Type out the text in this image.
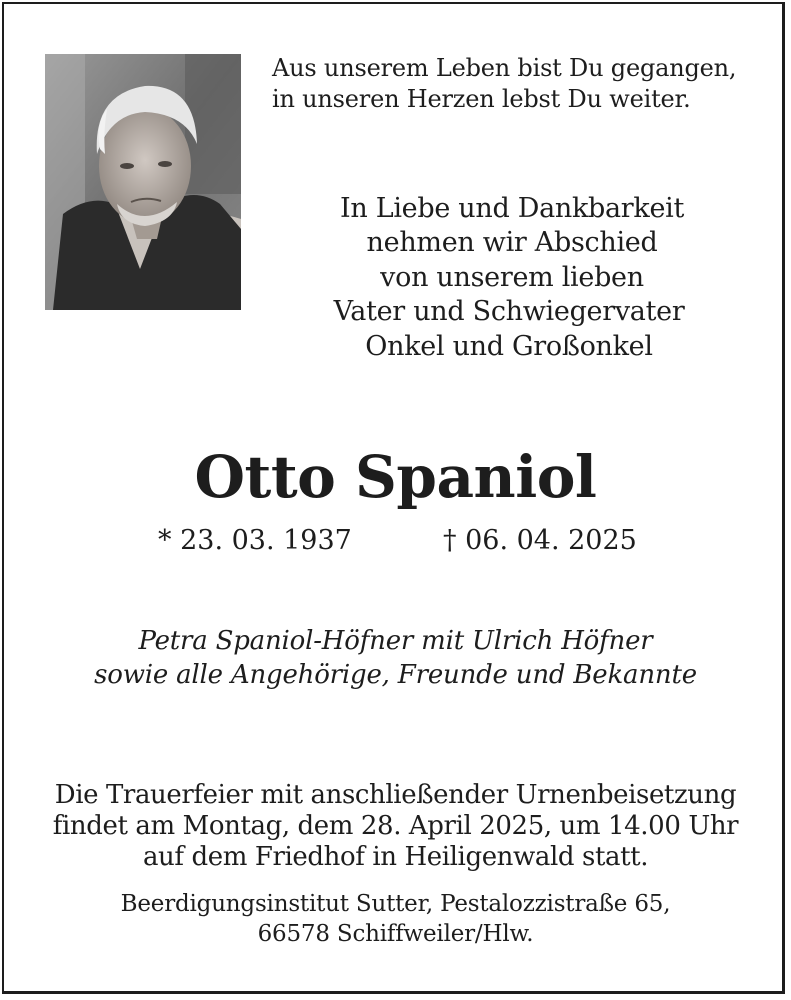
Aus unserem Leben bist Du gegangen,
in unseren Herzen lebst Du weiter.
In Liebe und Dankbarkeit
nehmen wir Abschied
von unserem lieben
Vater und Schwiegervater
Onkel und Großonkel
Otto Spaniol
* 23. 03. 1937	† 06. 04. 2025
Petra Spaniol-Höfner mit Ulrich Höfner
sowie alle Angehörige, Freunde und Bekannte
Die Trauerfeier mit anschließender Urnenbeisetzung
findet am Montag, dem 28. April 2025, um 14.00 Uhr
auf dem Friedhof in Heiligenwald statt.
Beerdigungsinstitut Sutter, Pestalozzistraße 65,
66578 Schiffweiler/Hlw.
